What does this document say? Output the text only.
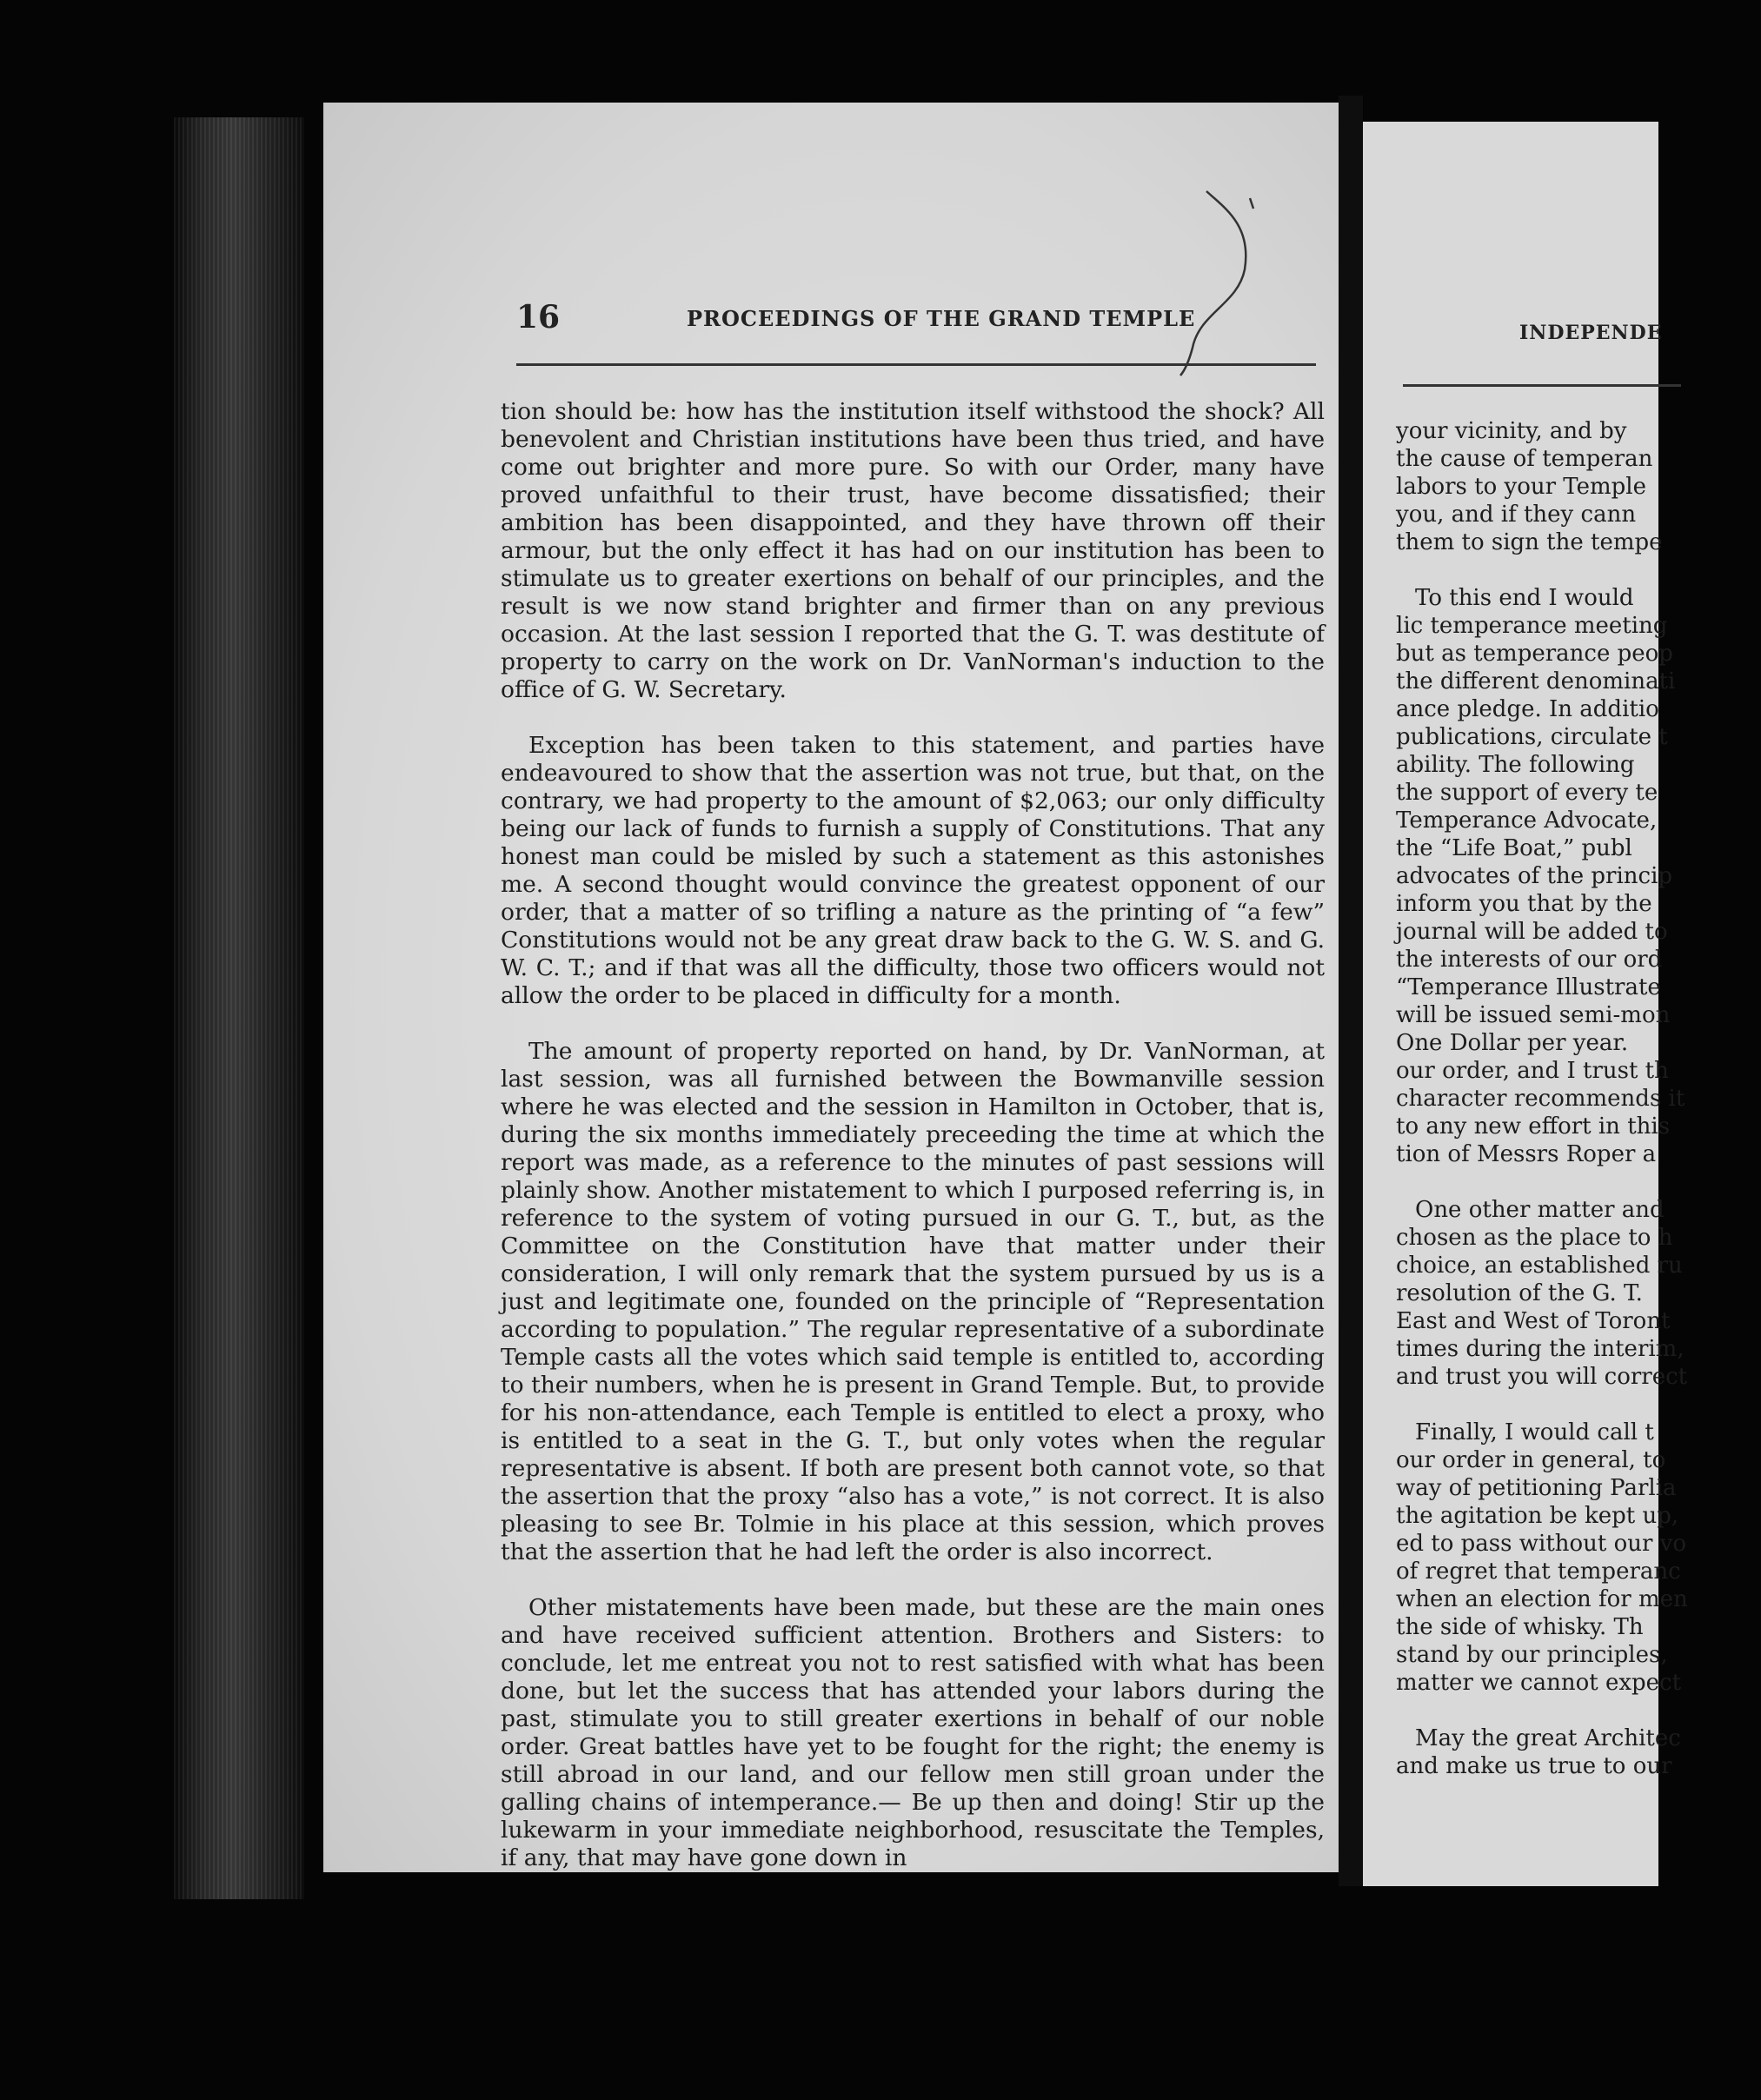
16	PROCEEDINGS OF THE GRAND TEMPLE

tion should be: how has the institution itself withstood the shock? All benevolent and Christian institutions have been thus tried, and have come out brighter and more pure. So with our Order, many have proved unfaithful to their trust, have become dissatisfied; their ambition has been disappointed, and they have thrown off their armour, but the only effect it has had on our institution has been to stimulate us to greater exertions on behalf of our principles, and the result is we now stand brighter and firmer than on any previous occasion. At the last session I reported that the G. T. was destitute of property to carry on the work on Dr. VanNorman's induction to the office of G. W. Secretary.

Exception has been taken to this statement, and parties have endeavoured to show that the assertion was not true, but that, on the contrary, we had property to the amount of $2,063; our only difficulty being our lack of funds to furnish a supply of Constitutions. That any honest man could be misled by such a statement as this astonishes me. A second thought would convince the greatest opponent of our order, that a matter of so trifling a nature as the printing of “a few” Constitutions would not be any great draw back to the G. W. S. and G. W. C. T.; and if that was all the difficulty, those two officers would not allow the order to be placed in difficulty for a month.

The amount of property reported on hand, by Dr. VanNorman, at last session, was all furnished between the Bowmanville session where he was elected and the session in Hamilton in October, that is, during the six months immediately preceeding the time at which the report was made, as a reference to the minutes of past sessions will plainly show. Another mistatement to which I purposed referring is, in reference to the system of voting pursued in our G. T., but, as the Committee on the Constitution have that matter under their consideration, I will only remark that the system pursued by us is a just and legitimate one, founded on the principle of “Representation according to population.” The regular representative of a subordinate Temple casts all the votes which said temple is entitled to, according to their numbers, when he is present in Grand Temple. But, to provide for his non-attendance, each Temple is entitled to elect a proxy, who is entitled to a seat in the G. T., but only votes when the regular representative is absent. If both are present both cannot vote, so that the assertion that the proxy “also has a vote,” is not correct. It is also pleasing to see Br. Tolmie in his place at this session, which proves that the assertion that he had left the order is also incorrect.

Other mistatements have been made, but these are the main ones and have received sufficient attention. Brothers and Sisters: to conclude, let me entreat you not to rest satisfied with what has been done, but let the success that has attended your labors during the past, stimulate you to still greater exertions in behalf of our noble order. Great battles have yet to be fought for the right; the enemy is still abroad in our land, and our fellow men still groan under the galling chains of intemperance.— Be up then and doing! Stir up the lukewarm in your immediate neighborhood, resuscitate the Temples, if any, that may have gone down in

INDEPENDE
your vicinity, and by
the cause of temperan
labors to your Temple
you, and if they cann
them to sign the tempe
To this end I would
lic temperance meeting
but as temperance peop
the different denominati
ance pledge. In additio
publications, circulate t
ability. The following
the support of every te
Temperance Advocate,
the “Life Boat,” publ
advocates of the princip
inform you that by the
journal will be added to
the interests of our ord
“Temperance Illustrate
will be issued semi-mon
One Dollar per year.
our order, and I trust th
character recommends it
to any new effort in this
tion of Messrs Roper a
One other matter and
chosen as the place to h
choice, an established ru
resolution of the G. T.
East and West of Toront
times during the interim,
and trust you will correct
Finally, I would call t
our order in general, to
way of petitioning Parlia
the agitation be kept up,
ed to pass without our vo
of regret that temperanc
when an election for men
the side of whisky. Th
stand by our principles,
matter we cannot expect
May the great Architec
and make us true to our
